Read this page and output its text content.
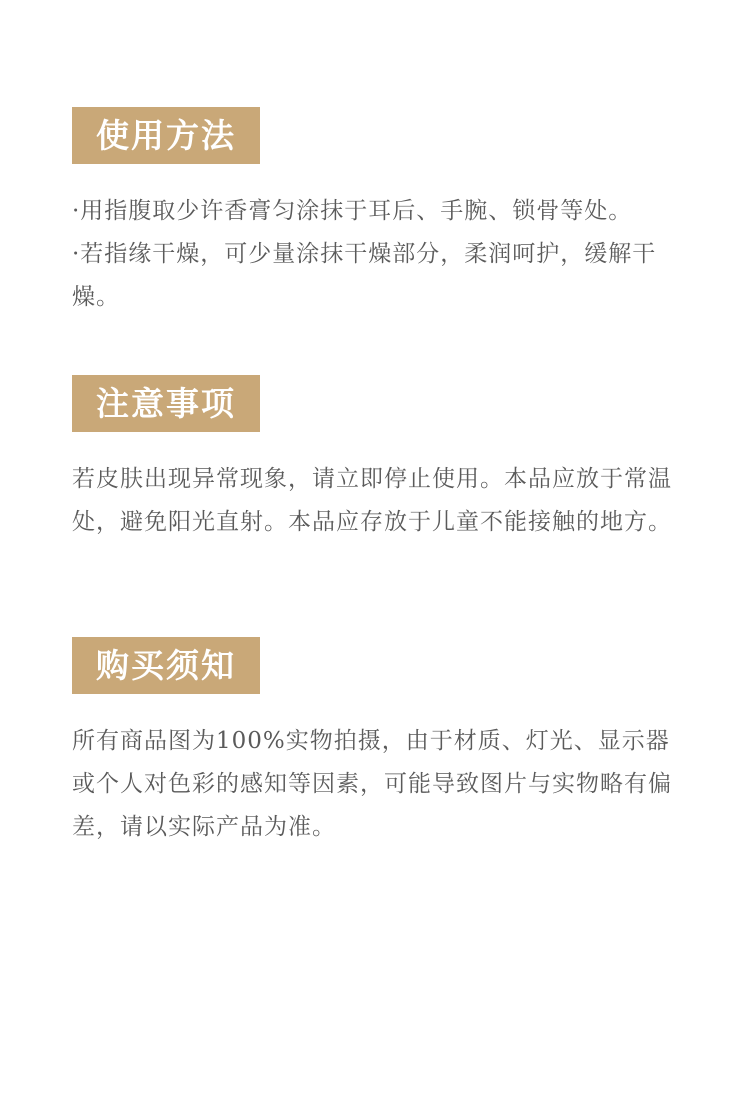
使用方法
·用指腹取少许香膏匀涂抹于耳后、手腕、锁骨等处。
·若指缘干燥，可少量涂抹干燥部分，柔润呵护，缓解干燥。
注意事项

若皮肤出现异常现象，请立即停止使用。本品应放于常温处，避免阳光直射。本品应存放于儿童不能接触的地方。

购买须知

所有商品图为100%实物拍摄，由于材质、灯光、显示器或个人对色彩的感知等因素，可能导致图片与实物略有偏差，请以实际产品为准。
